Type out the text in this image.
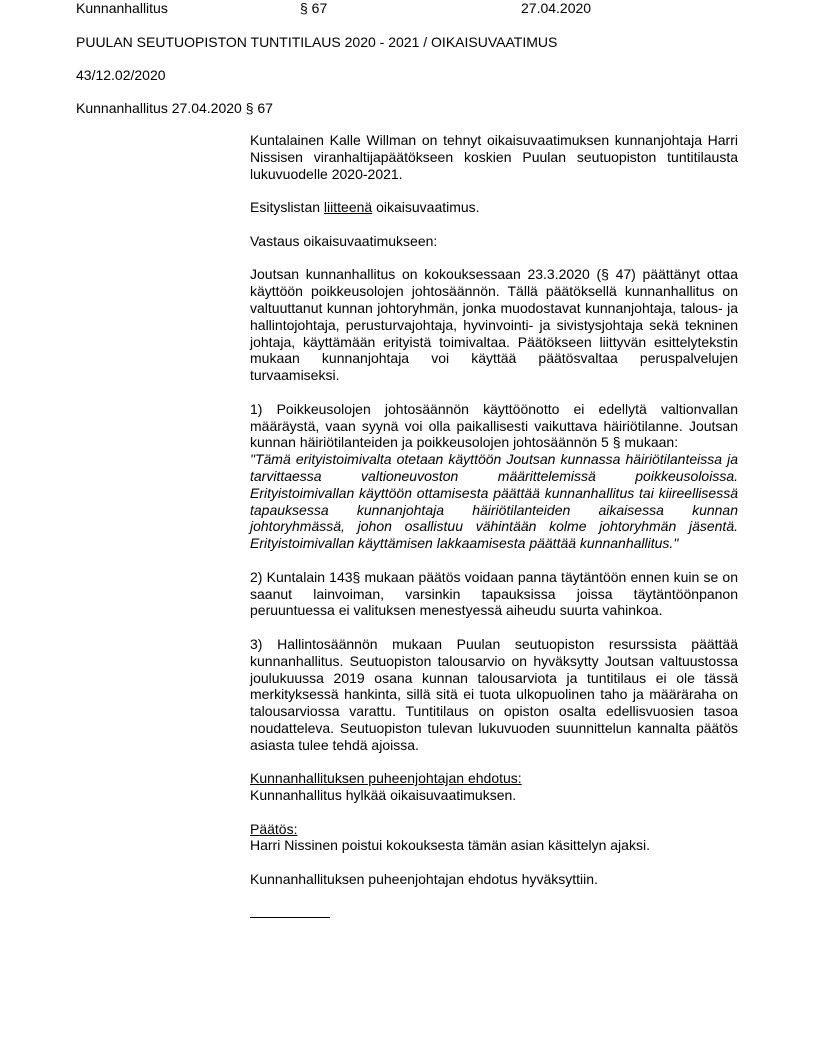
Kunnanhallitus	§ 67	27.04.2020
PUULAN SEUTUOPISTON TUNTITILAUS 2020 - 2021 / OIKAISUVAATIMUS
43/12.02/2020
Kunnanhallitus 27.04.2020 § 67

Kuntalainen Kalle Willman on tehnyt oikaisuvaatimuksen kunnanjohtaja Harri Nissisen viranhaltijapäätökseen koskien Puulan seutuopiston tuntitilausta lukuvuodelle 2020-2021.

Esityslistan liitteenä oikaisuvaatimus.

Vastaus oikaisuvaatimukseen:

Joutsan kunnanhallitus on kokouksessaan 23.3.2020 (§ 47) päättänyt ottaa käyttöön poikkeusolojen johtosäännön. Tällä päätöksellä kunnanhallitus on valtuuttanut kunnan johtoryhmän, jonka muodostavat kunnanjohtaja, talous- ja hallintojohtaja, perusturvajohtaja, hyvinvointi- ja sivistysjohtaja sekä tekninen johtaja, käyttämään erityistä toimivaltaa. Päätökseen liittyvän esittelytekstin mukaan kunnanjohtaja voi käyttää päätösvaltaa peruspalvelujen turvaamiseksi.

1) Poikkeusolojen johtosäännön käyttöönotto ei edellytä valtionvallan määräystä, vaan syynä voi olla paikallisesti vaikuttava häiriötilanne. Joutsan kunnan häiriötilanteiden ja poikkeusolojen johtosäännön 5 § mukaan:

"Tämä erityistoimivalta otetaan käyttöön Joutsan kunnassa häiriötilanteissa ja tarvittaessa valtioneuvoston määrittelemissä poikkeusoloissa. Erityistoimivallan käyttöön ottamisesta päättää kunnanhallitus tai kiireellisessä tapauksessa kunnanjohtaja häiriötilanteiden aikaisessa kunnan johtoryhmässä, johon osallistuu vähintään kolme johtoryhmän jäsentä. Erityistoimivallan käyttämisen lakkaamisesta päättää kunnanhallitus."

2) Kuntalain 143§ mukaan päätös voidaan panna täytäntöön ennen kuin se on saanut lainvoiman, varsinkin tapauksissa joissa täytäntöönpanon peruuntuessa ei valituksen menestyessä aiheudu suurta vahinkoa.

3) Hallintosäännön mukaan Puulan seutuopiston resurssista päättää kunnanhallitus. Seutuopiston talousarvio on hyväksytty Joutsan valtuustossa joulukuussa 2019 osana kunnan talousarviota ja tuntitilaus ei ole tässä merkityksessä hankinta, sillä sitä ei tuota ulkopuolinen taho ja määräraha on talousarviossa varattu. Tuntitilaus on opiston osalta edellisvuosien tasoa noudatteleva. Seutuopiston tulevan lukuvuoden suunnittelun kannalta päätös asiasta tulee tehdä ajoissa.

Kunnanhallituksen puheenjohtajan ehdotus:

Kunnanhallitus hylkää oikaisuvaatimuksen.

Päätös:

Harri Nissinen poistui kokouksesta tämän asian käsittelyn ajaksi.

Kunnanhallituksen puheenjohtajan ehdotus hyväksyttiin.
